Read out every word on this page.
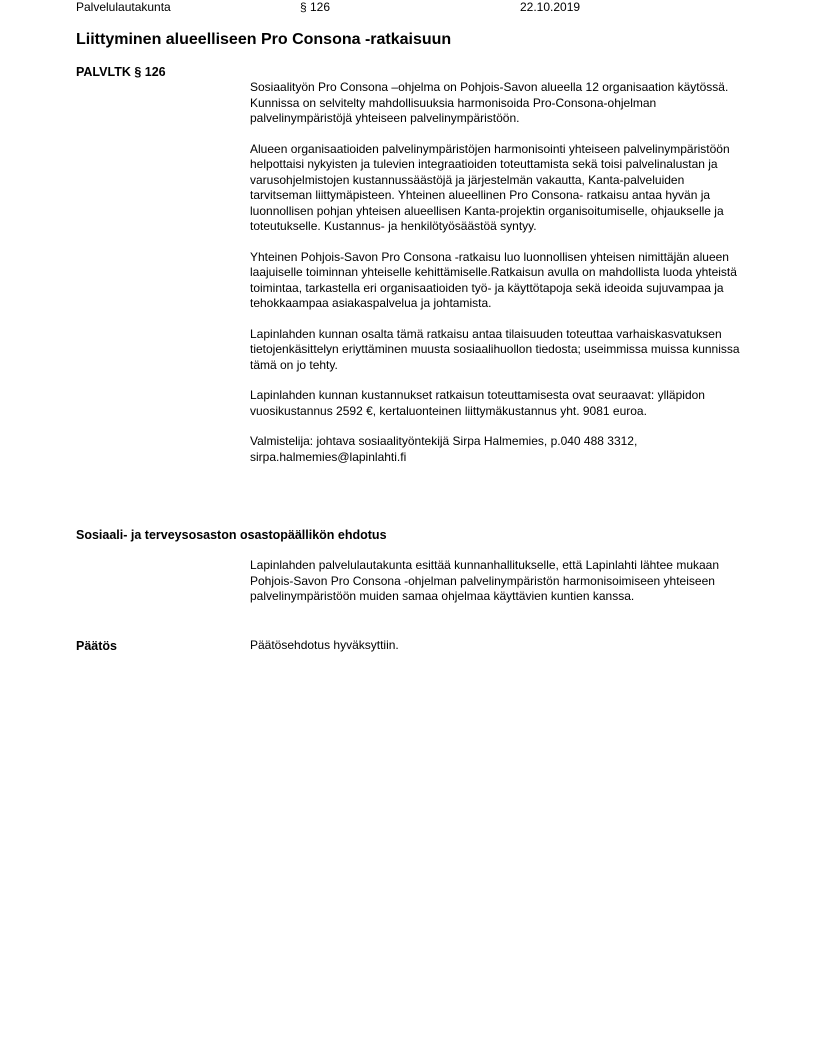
Palvelulautakunta	§ 126	22.10.2019
Liittyminen alueelliseen Pro Consona -ratkaisuun
PALVLTK § 126

Sosiaalityön Pro Consona –ohjelma on Pohjois-Savon alueella 12 organisaation käytössä. Kunnissa on selvitelty mahdollisuuksia harmonisoida Pro-Consona-ohjelman palvelinympäristöjä yhteiseen palvelinympäristöön.

Alueen organisaatioiden palvelinympäristöjen harmonisointi yhteiseen palvelinympäristöön helpottaisi nykyisten ja tulevien integraatioiden toteuttamista sekä toisi palvelinalustan ja varusohjelmistojen kustannussäästöjä ja järjestelmän vakautta, Kanta-palveluiden tarvitseman liittymäpisteen. Yhteinen alueellinen Pro Consona- ratkaisu antaa hyvän ja luonnollisen pohjan yhteisen alueellisen Kanta-projektin organisoitumiselle, ohjaukselle ja toteutukselle. Kustannus- ja henkilötyösäästöä syntyy.

Yhteinen Pohjois-Savon Pro Consona -ratkaisu luo luonnollisen yhteisen nimittäjän alueen laajuiselle toiminnan yhteiselle kehittämiselle.Ratkaisun avulla on mahdollista luoda yhteistä toimintaa, tarkastella eri organisaatioiden työ- ja käyttötapoja sekä ideoida sujuvampaa ja tehokkaampaa asiakaspalvelua ja johtamista.

Lapinlahden kunnan osalta tämä ratkaisu antaa tilaisuuden toteuttaa varhaiskasvatuksen tietojenkäsittelyn eriyttäminen muusta sosiaalihuollon tiedosta; useimmissa muissa kunnissa tämä on jo tehty.

Lapinlahden kunnan kustannukset ratkaisun toteuttamisesta ovat seuraavat: ylläpidon vuosikustannus 2592 €, kertaluonteinen liittymäkustannus yht. 9081 euroa.

Valmistelija: johtava sosiaalityöntekijä Sirpa Halmemies, p.040 488 3312, sirpa.halmemies@lapinlahti.fi

Sosiaali- ja terveysosaston osastopäällikön ehdotus

Lapinlahden palvelulautakunta esittää kunnanhallitukselle, että Lapinlahti lähtee mukaan Pohjois-Savon Pro Consona -ohjelman palvelinympäristön harmonisoimiseen yhteiseen palvelinympäristöön muiden samaa ohjelmaa käyttävien kuntien kanssa.

Päätös	Päätösehdotus hyväksyttiin.
